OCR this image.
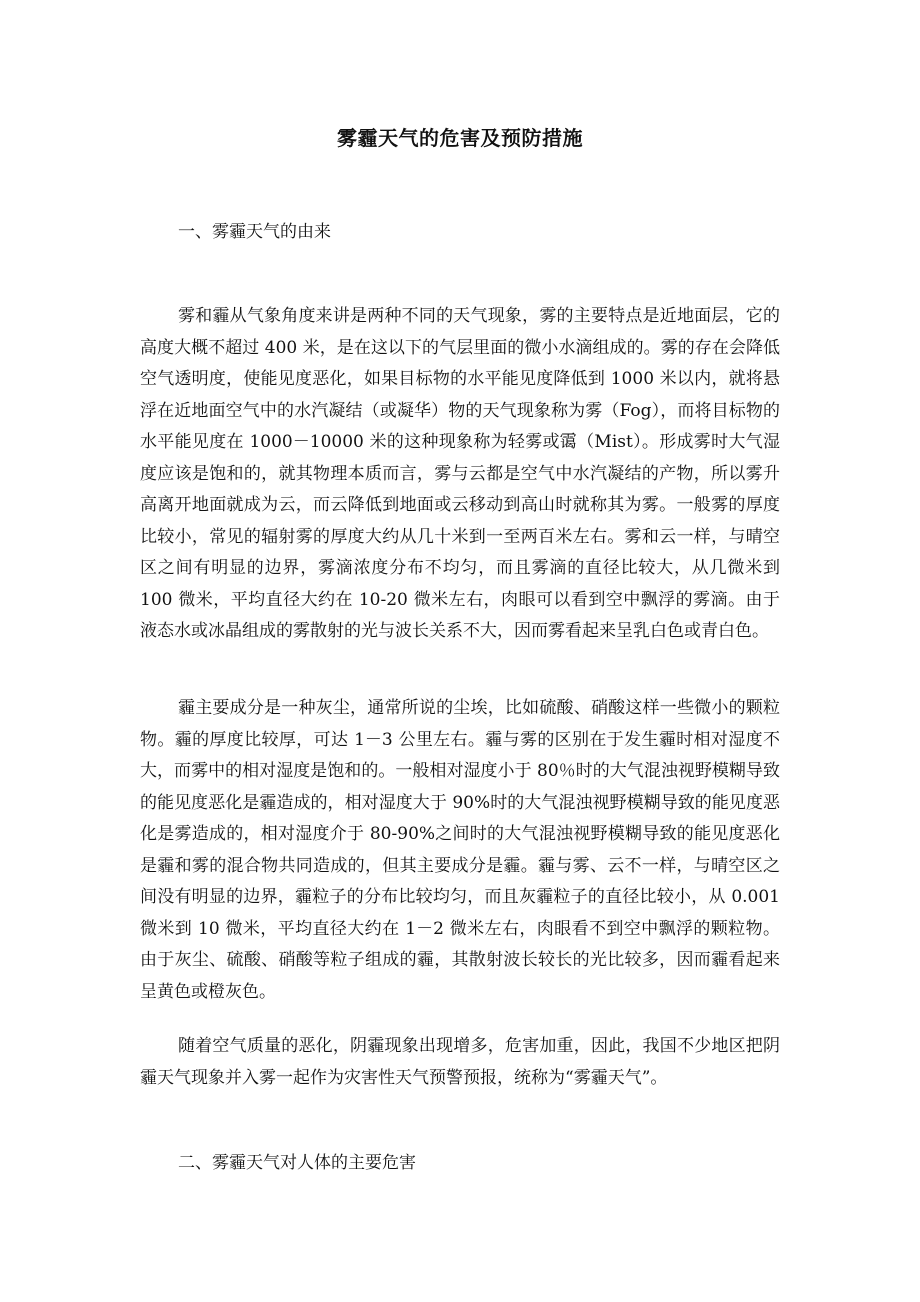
雾霾天气的危害及预防措施
一、雾霾天气的由来

雾和霾从气象角度来讲是两种不同的天气现象，雾的主要特点是近地面层，它的高度大概不超过 400 米，是在这以下的气层里面的微小水滴组成的。雾的存在会降低空气透明度，使能见度恶化，如果目标物的水平能见度降低到 1000 米以内，就将悬浮在近地面空气中的水汽凝结（或凝华）物的天气现象称为雾（Fog），而将目标物的水平能见度在 1000－10000 米的这种现象称为轻雾或霭（Mist）。形成雾时大气湿度应该是饱和的，就其物理本质而言，雾与云都是空气中水汽凝结的产物，所以雾升高离开地面就成为云，而云降低到地面或云移动到高山时就称其为雾。一般雾的厚度比较小，常见的辐射雾的厚度大约从几十米到一至两百米左右。雾和云一样，与晴空区之间有明显的边界，雾滴浓度分布不均匀，而且雾滴的直径比较大，从几微米到 100 微米，平均直径大约在 10-20 微米左右，肉眼可以看到空中飘浮的雾滴。由于液态水或冰晶组成的雾散射的光与波长关系不大，因而雾看起来呈乳白色或青白色。

霾主要成分是一种灰尘，通常所说的尘埃，比如硫酸、硝酸这样一些微小的颗粒物。霾的厚度比较厚，可达 1－3 公里左右。霾与雾的区别在于发生霾时相对湿度不大，而雾中的相对湿度是饱和的。一般相对湿度小于 80％时的大气混浊视野模糊导致的能见度恶化是霾造成的，相对湿度大于 90%时的大气混浊视野模糊导致的能见度恶化是雾造成的，相对湿度介于 80-90%之间时的大气混浊视野模糊导致的能见度恶化是霾和雾的混合物共同造成的，但其主要成分是霾。霾与雾、云不一样，与晴空区之间没有明显的边界，霾粒子的分布比较均匀，而且灰霾粒子的直径比较小，从 0.001 微米到 10 微米，平均直径大约在 1－2 微米左右，肉眼看不到空中飘浮的颗粒物。由于灰尘、硫酸、硝酸等粒子组成的霾，其散射波长较长的光比较多，因而霾看起来呈黄色或橙灰色。

随着空气质量的恶化，阴霾现象出现增多，危害加重，因此，我国不少地区把阴霾天气现象并入雾一起作为灾害性天气预警预报，统称为“雾霾天气”。

二、雾霾天气对人体的主要危害
